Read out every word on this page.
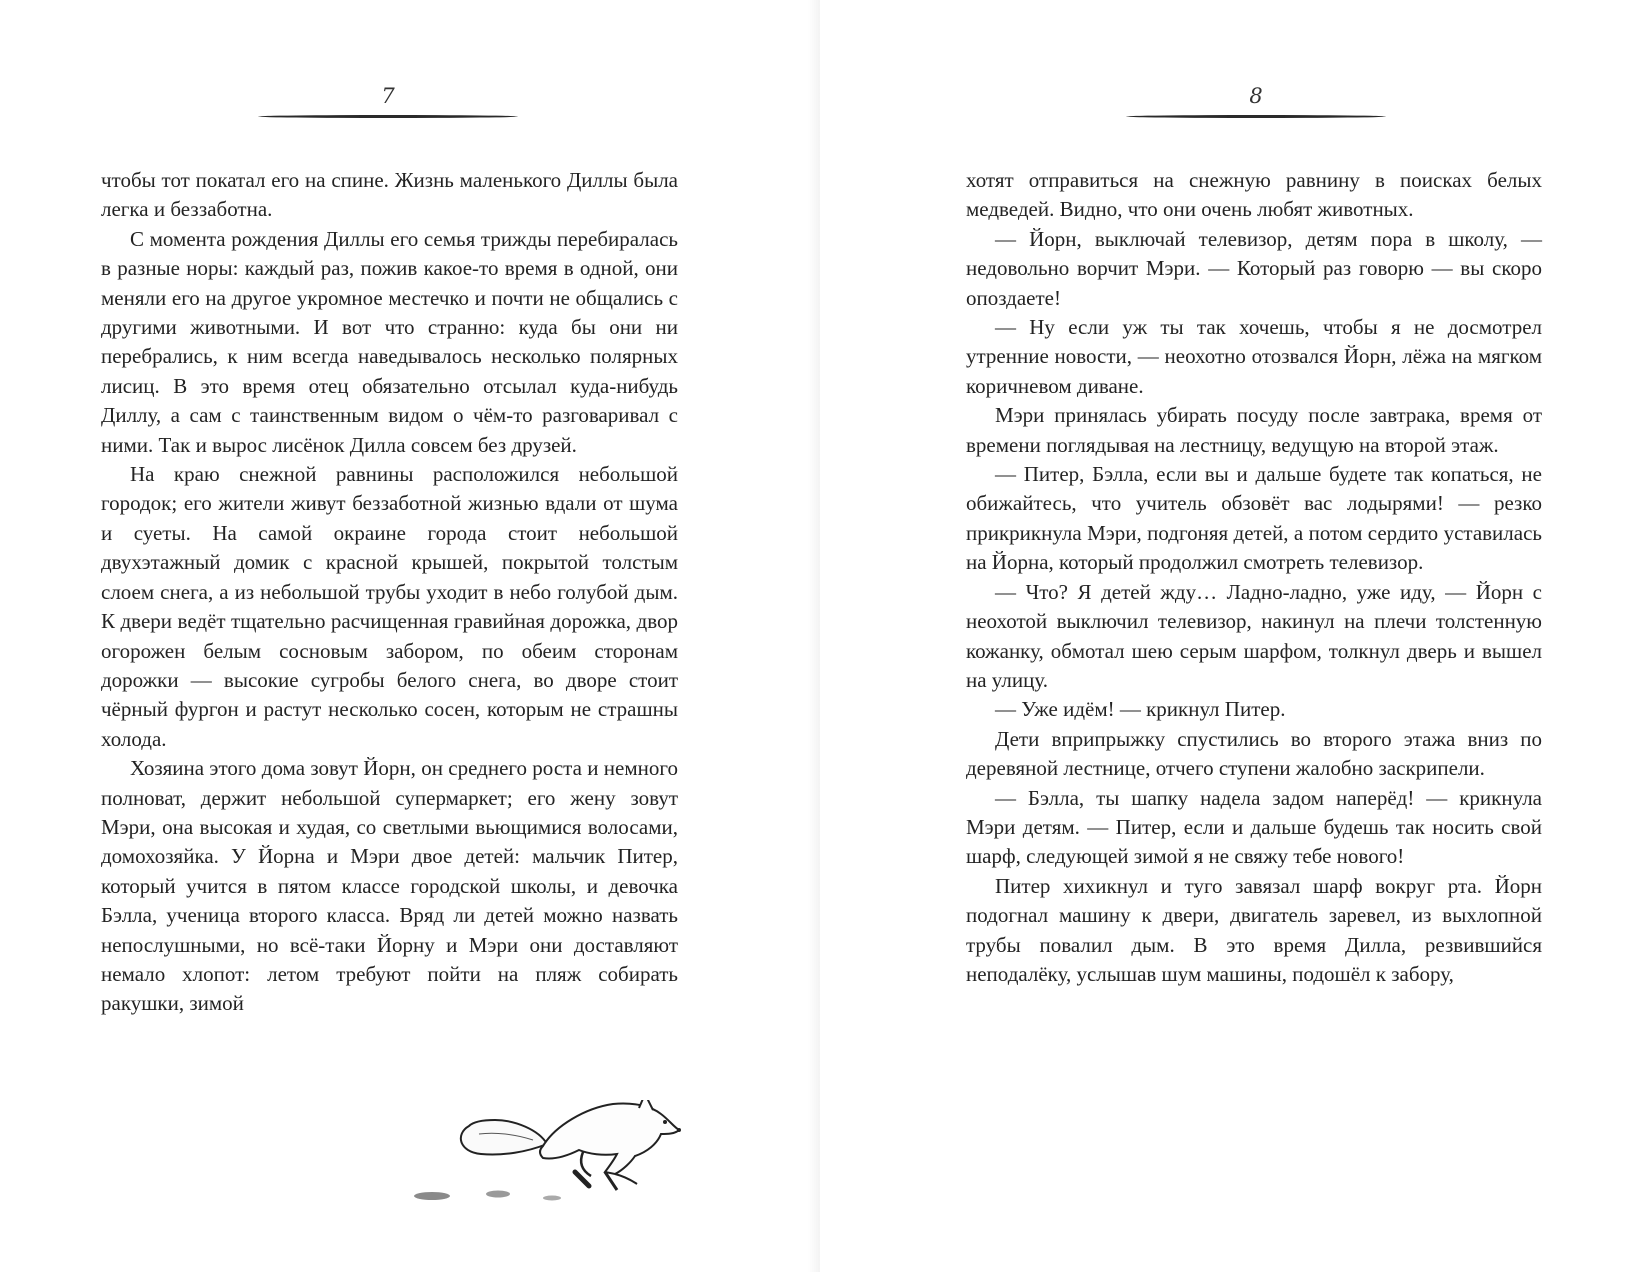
7

чтобы тот покатал его на спине. Жизнь маленького Диллы была легка и беззаботна.

С момента рождения Диллы его семья трижды перебиралась в разные норы: каждый раз, пожив какое-то время в одной, они меняли его на другое укромное местечко и почти не общались с другими животными. И вот что странно: куда бы они ни перебрались, к ним всегда наведывалось несколько полярных лисиц. В это время отец обязательно отсылал куда-нибудь Диллу, а сам с таинственным видом о чём-то разговаривал с ними. Так и вырос лисёнок Дилла совсем без друзей.

На краю снежной равнины расположился небольшой городок; его жители живут беззаботной жизнью вдали от шума и суеты. На самой окраине города стоит небольшой двухэтажный домик с красной крышей, покрытой толстым слоем снега, а из небольшой трубы уходит в небо голубой дым. К двери ведёт тщательно расчищенная гравийная дорожка, двор огорожен белым сосновым забором, по обеим сторонам дорожки — высокие сугробы белого снега, во дворе стоит чёрный фургон и растут несколько сосен, которым не страшны холода.

Хозяина этого дома зовут Йорн, он среднего роста и немного полноват, держит небольшой супермаркет; его жену зовут Мэри, она высокая и худая, со светлыми вьющимися волосами, домохозяйка. У Йорна и Мэри двое детей: мальчик Питер, который учится в пятом классе городской школы, и девочка Бэлла, ученица второго класса. Вряд ли детей можно назвать непослушными, но всё-таки Йорну и Мэри они доставляют немало хлопот: летом требуют пойти на пляж собирать ракушки, зимой

8

хотят отправиться на снежную равнину в поисках белых медведей. Видно, что они очень любят животных.

— Йорн, выключай телевизор, детям пора в школу, — недовольно ворчит Мэри. — Который раз говорю — вы скоро опоздаете!

— Ну если уж ты так хочешь, чтобы я не досмотрел утренние новости, — неохотно отозвался Йорн, лёжа на мягком коричневом диване.

Мэри принялась убирать посуду после завтрака, время от времени поглядывая на лестницу, ведущую на второй этаж.

— Питер, Бэлла, если вы и дальше будете так копаться, не обижайтесь, что учитель обзовёт вас лодырями! — резко прикрикнула Мэри, подгоняя детей, а потом сердито уставилась на Йорна, который продолжил смотреть телевизор.

— Что? Я детей жду… Ладно-ладно, уже иду, — Йорн с неохотой выключил телевизор, накинул на плечи толстенную кожанку, обмотал шею серым шарфом, толкнул дверь и вышел на улицу.

— Уже идём! — крикнул Питер.

Дети вприпрыжку спустились во второго этажа вниз по деревяной лестнице, отчего ступени жалобно заскрипели.

— Бэлла, ты шапку надела задом наперёд! — крикнула Мэри детям. — Питер, если и дальше будешь так носить свой шарф, следующей зимой я не свяжу тебе нового!

Питер хихикнул и туго завязал шарф вокруг рта. Йорн подогнал машину к двери, двигатель заревел, из выхлопной трубы повалил дым. В это время Дилла, резвившийся неподалёку, услышав шум машины, подошёл к забору,
